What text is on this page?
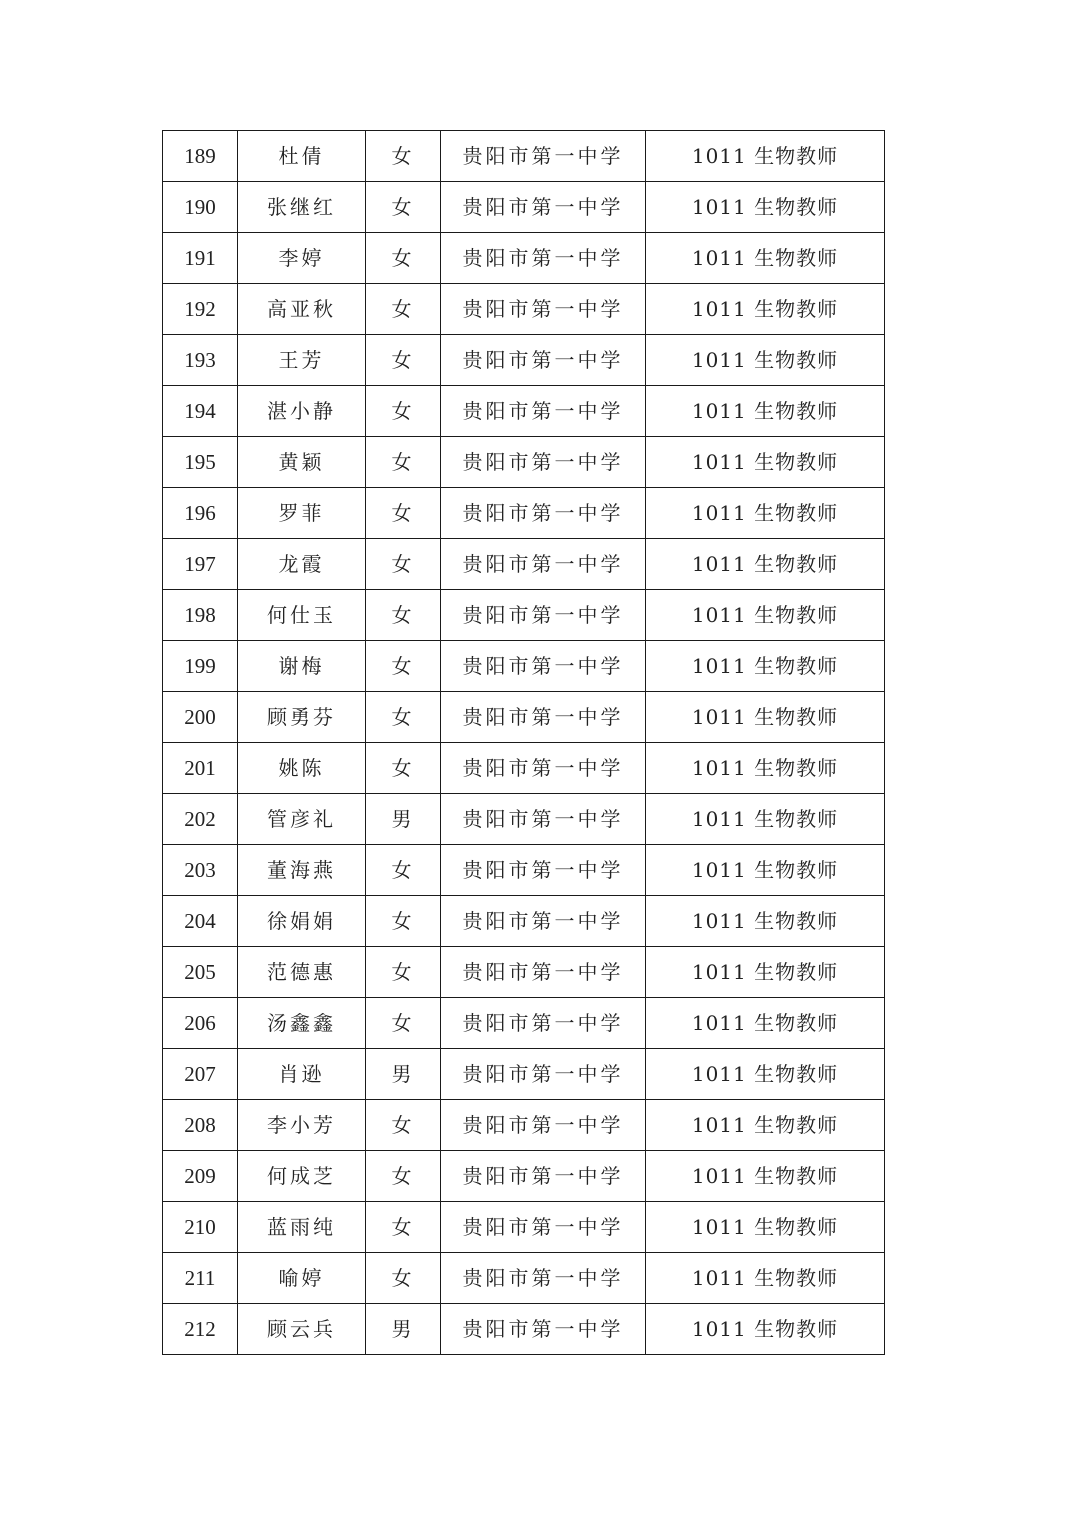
189	杜倩	女	贵阳市第一中学	1011 生物教师
190	张继红	女	贵阳市第一中学	1011 生物教师
191	李婷	女	贵阳市第一中学	1011 生物教师
192	高亚秋	女	贵阳市第一中学	1011 生物教师
193	王芳	女	贵阳市第一中学	1011 生物教师
194	湛小静	女	贵阳市第一中学	1011 生物教师
195	黄颖	女	贵阳市第一中学	1011 生物教师
196	罗菲	女	贵阳市第一中学	1011 生物教师
197	龙霞	女	贵阳市第一中学	1011 生物教师
198	何仕玉	女	贵阳市第一中学	1011 生物教师
199	谢梅	女	贵阳市第一中学	1011 生物教师
200	顾勇芬	女	贵阳市第一中学	1011 生物教师
201	姚陈	女	贵阳市第一中学	1011 生物教师
202	管彦礼	男	贵阳市第一中学	1011 生物教师
203	董海燕	女	贵阳市第一中学	1011 生物教师
204	徐娟娟	女	贵阳市第一中学	1011 生物教师
205	范德惠	女	贵阳市第一中学	1011 生物教师
206	汤鑫鑫	女	贵阳市第一中学	1011 生物教师
207	肖逊	男	贵阳市第一中学	1011 生物教师
208	李小芳	女	贵阳市第一中学	1011 生物教师
209	何成芝	女	贵阳市第一中学	1011 生物教师
210	蓝雨纯	女	贵阳市第一中学	1011 生物教师
211	喻婷	女	贵阳市第一中学	1011 生物教师
212	顾云兵	男	贵阳市第一中学	1011 生物教师
